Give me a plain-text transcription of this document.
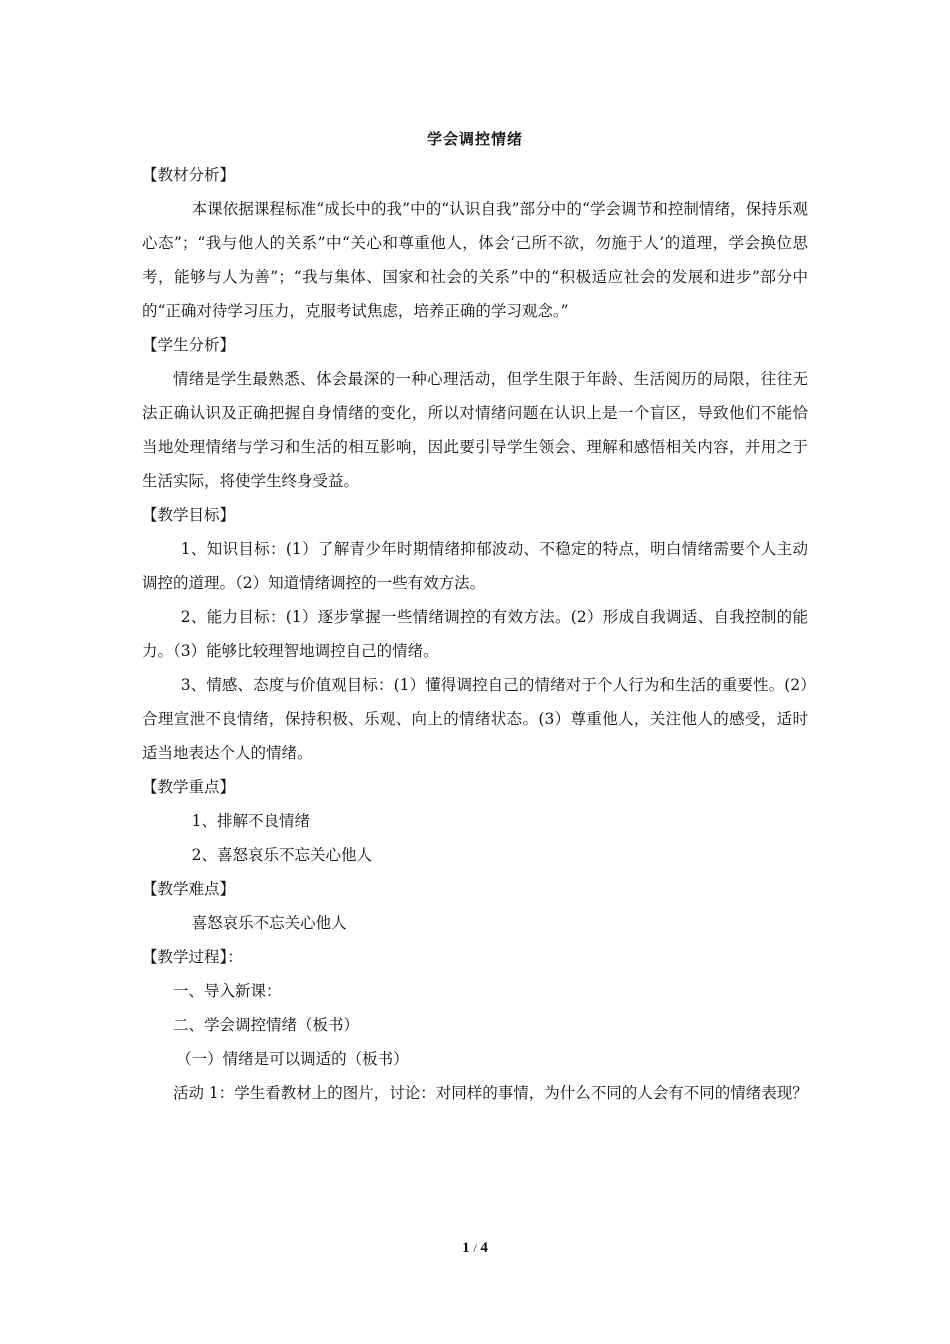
学会调控情绪

【教材分析】

本课依据课程标准“成长中的我”中的“认识自我”部分中的“学会调节和控制情绪，保持乐观心态”；“我与他人的关系”中“关心和尊重他人，体会‘己所不欲，勿施于人’的道理，学会换位思考，能够与人为善”；“我与集体、国家和社会的关系”中的“积极适应社会的发展和进步”部分中的“正确对待学习压力，克服考试焦虑，培养正确的学习观念。”

【学生分析】

情绪是学生最熟悉、体会最深的一种心理活动，但学生限于年龄、生活阅历的局限，往往无法正确认识及正确把握自身情绪的变化，所以对情绪问题在认识上是一个盲区，导致他们不能恰当地处理情绪与学习和生活的相互影响，因此要引导学生领会、理解和感悟相关内容，并用之于生活实际，将使学生终身受益。

【教学目标】

1、知识目标：(1）了解青少年时期情绪抑郁波动、不稳定的特点，明白情绪需要个人主动调控的道理。（2）知道情绪调控的一些有效方法。

2、能力目标：(1）逐步掌握一些情绪调控的有效方法。(2）形成自我调适、自我控制的能力。（3）能够比较理智地调控自己的情绪。

3、情感、态度与价值观目标：(1）懂得调控自己的情绪对于个人行为和生活的重要性。(2）合理宣泄不良情绪，保持积极、乐观、向上的情绪状态。(3）尊重他人，关注他人的感受，适时适当地表达个人的情绪。

【教学重点】

1、排解不良情绪

2、喜怒哀乐不忘关心他人

【教学难点】

喜怒哀乐不忘关心他人

【教学过程】：

一、导入新课：

二、学会调控情绪（板书）

（一）情绪是可以调适的（板书）

活动 1：学生看教材上的图片，讨论：对同样的事情，为什么不同的人会有不同的情绪表现？

1 / 4
